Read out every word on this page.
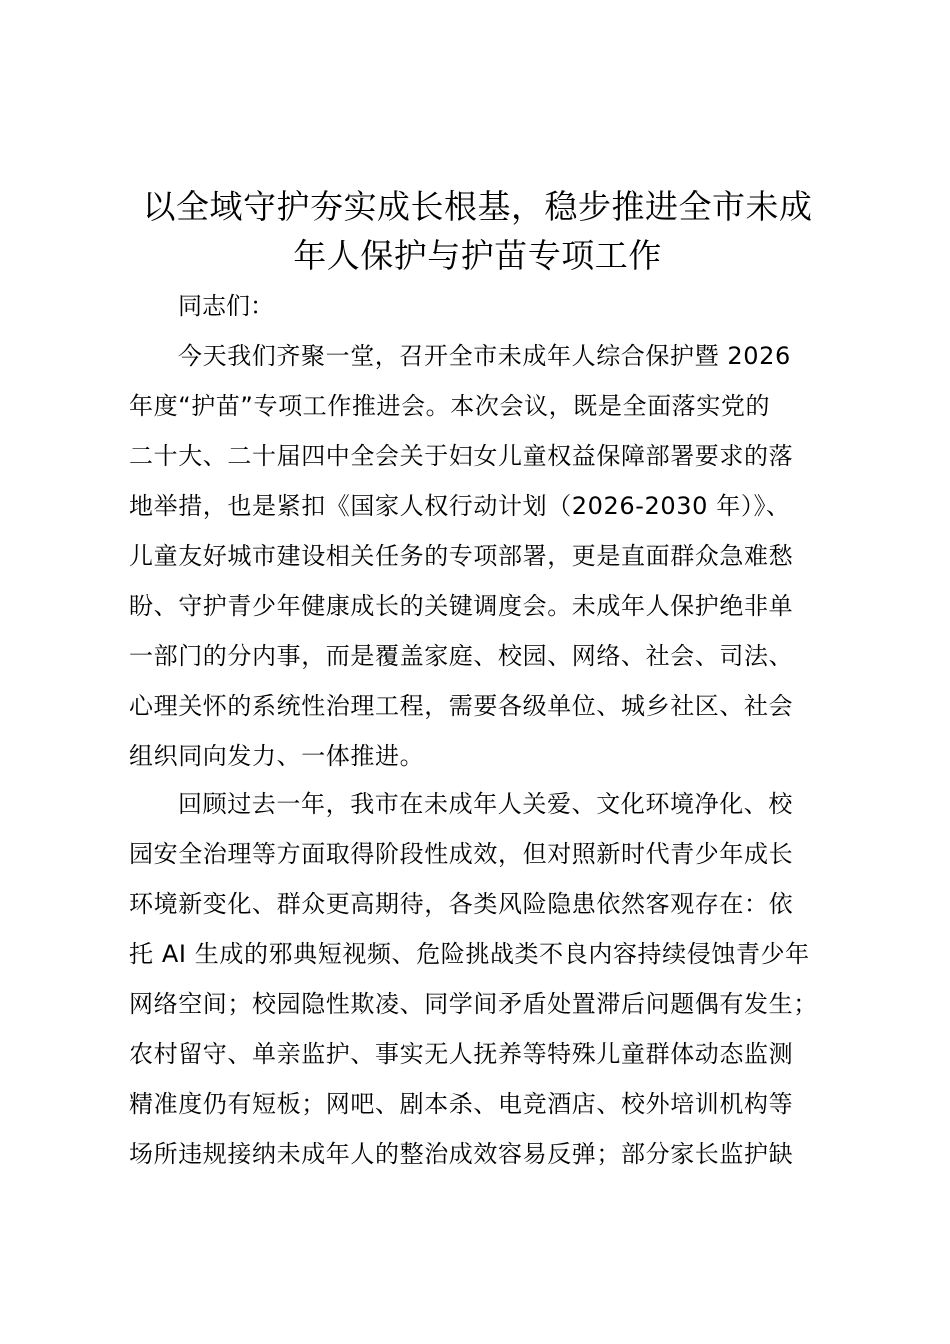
以全域守护夯实成长根基，稳步推进全市未成
年人保护与护苗专项工作

同志们：

今天我们齐聚一堂，召开全市未成年人综合保护暨 2026
年度“护苗”专项工作推进会。本次会议，既是全面落实党的
二十大、二十届四中全会关于妇女儿童权益保障部署要求的落
地举措，也是紧扣《国家人权行动计划（2026-2030 年）》、
儿童友好城市建设相关任务的专项部署，更是直面群众急难愁
盼、守护青少年健康成长的关键调度会。未成年人保护绝非单
一部门的分内事，而是覆盖家庭、校园、网络、社会、司法、
心理关怀的系统性治理工程，需要各级单位、城乡社区、社会
组织同向发力、一体推进。
回顾过去一年，我市在未成年人关爱、文化环境净化、校
园安全治理等方面取得阶段性成效，但对照新时代青少年成长
环境新变化、群众更高期待，各类风险隐患依然客观存在：依
托 AI 生成的邪典短视频、危险挑战类不良内容持续侵蚀青少年
网络空间；校园隐性欺凌、同学间矛盾处置滞后问题偶有发生；
农村留守、单亲监护、事实无人抚养等特殊儿童群体动态监测
精准度仍有短板；网吧、剧本杀、电竞酒店、校外培训机构等
场所违规接纳未成年人的整治成效容易反弹；部分家长监护缺
